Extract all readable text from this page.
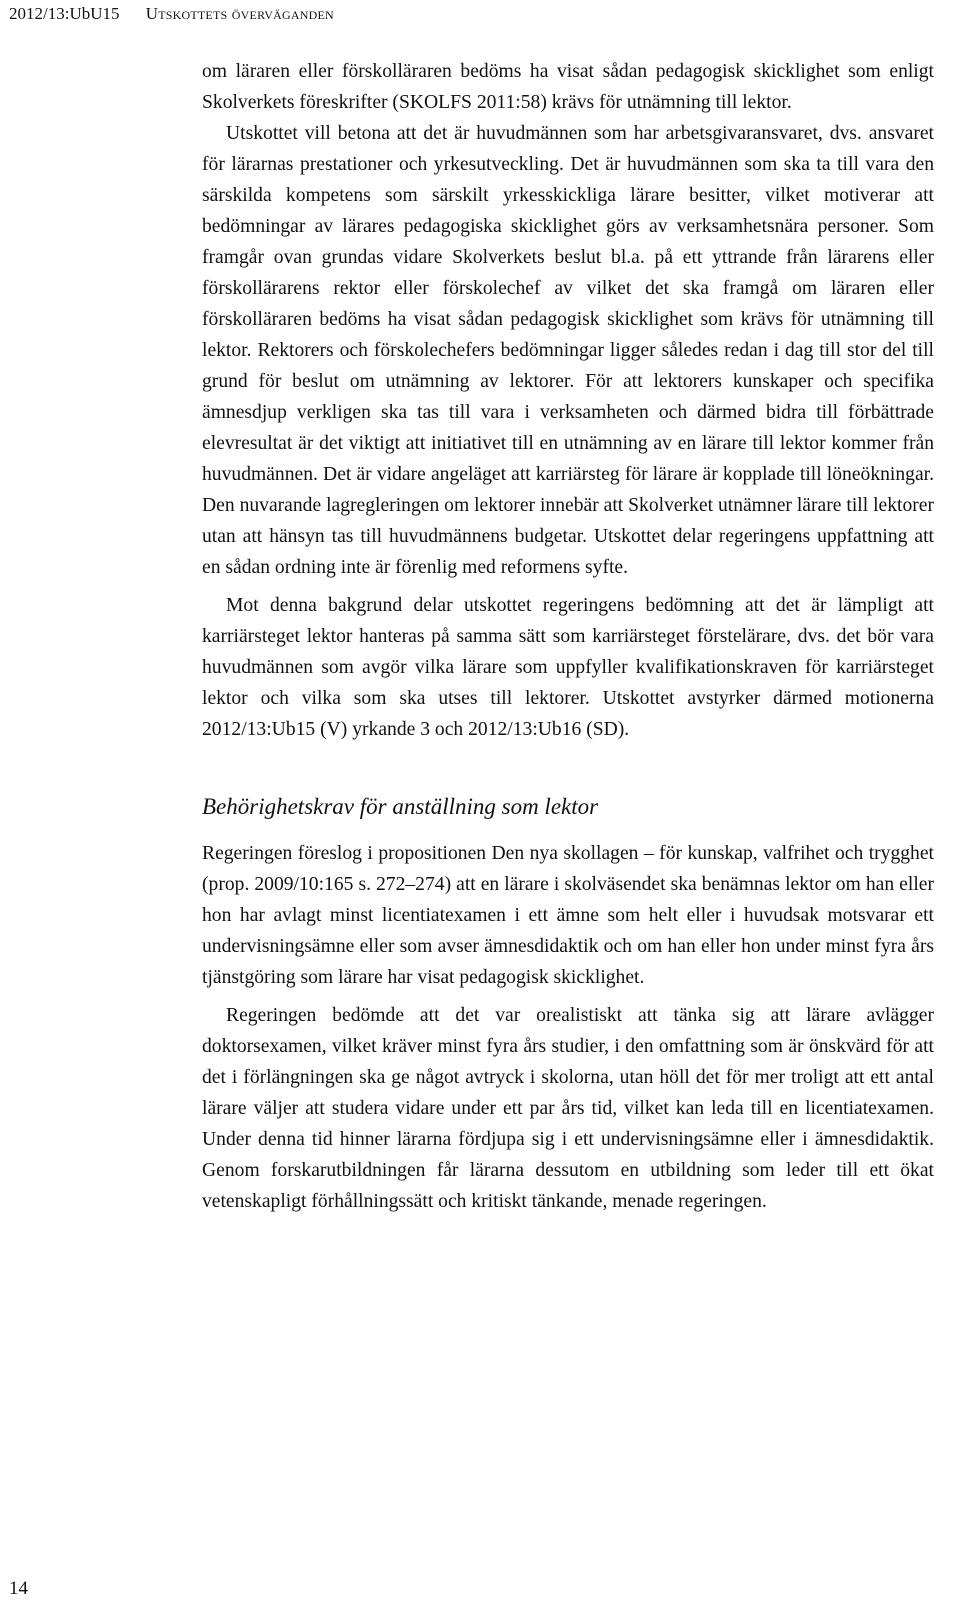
2012/13:UbU15 Utskottets överväganden

om läraren eller förskolläraren bedöms ha visat sådan pedagogisk skicklighet som enligt Skolverkets föreskrifter (SKOLFS 2011:58) krävs för utnämning till lektor.

Utskottet vill betona att det är huvudmännen som har arbetsgivaransvaret, dvs. ansvaret för lärarnas prestationer och yrkesutveckling. Det är huvudmännen som ska ta till vara den särskilda kompetens som särskilt yrkesskickliga lärare besitter, vilket motiverar att bedömningar av lärares pedagogiska skicklighet görs av verksamhetsnära personer. Som framgår ovan grundas vidare Skolverkets beslut bl.a. på ett yttrande från lärarens eller förskollärarens rektor eller förskolechef av vilket det ska framgå om läraren eller förskolläraren bedöms ha visat sådan pedagogisk skicklighet som krävs för utnämning till lektor. Rektorers och förskolechefers bedömningar ligger således redan i dag till stor del till grund för beslut om utnämning av lektorer. För att lektorers kunskaper och specifika ämnesdjup verkligen ska tas till vara i verksamheten och därmed bidra till förbättrade elevresultat är det viktigt att initiativet till en utnämning av en lärare till lektor kommer från huvudmännen. Det är vidare angeläget att karriärsteg för lärare är kopplade till löneökningar. Den nuvarande lagregleringen om lektorer innebär att Skolverket utnämner lärare till lektorer utan att hänsyn tas till huvudmännens budgetar. Utskottet delar regeringens uppfattning att en sådan ordning inte är förenlig med reformens syfte.

Mot denna bakgrund delar utskottet regeringens bedömning att det är lämpligt att karriärsteget lektor hanteras på samma sätt som karriärsteget förstelärare, dvs. det bör vara huvudmännen som avgör vilka lärare som uppfyller kvalifikationskraven för karriärsteget lektor och vilka som ska utses till lektorer. Utskottet avstyrker därmed motionerna 2012/13:Ub15 (V) yrkande 3 och 2012/13:Ub16 (SD).

Behörighetskrav för anställning som lektor

Regeringen föreslog i propositionen Den nya skollagen – för kunskap, valfrihet och trygghet (prop. 2009/10:165 s. 272–274) att en lärare i skolväsendet ska benämnas lektor om han eller hon har avlagt minst licentiatexamen i ett ämne som helt eller i huvudsak motsvarar ett undervisningsämne eller som avser ämnesdidaktik och om han eller hon under minst fyra års tjänstgöring som lärare har visat pedagogisk skicklighet.

Regeringen bedömde att det var orealistiskt att tänka sig att lärare avlägger doktorsexamen, vilket kräver minst fyra års studier, i den omfattning som är önskvärd för att det i förlängningen ska ge något avtryck i skolorna, utan höll det för mer troligt att ett antal lärare väljer att studera vidare under ett par års tid, vilket kan leda till en licentiatexamen. Under denna tid hinner lärarna fördjupa sig i ett undervisningsämne eller i ämnesdidaktik. Genom forskarutbildningen får lärarna dessutom en utbildning som leder till ett ökat vetenskapligt förhållningssätt och kritiskt tänkande, menade regeringen.

14
